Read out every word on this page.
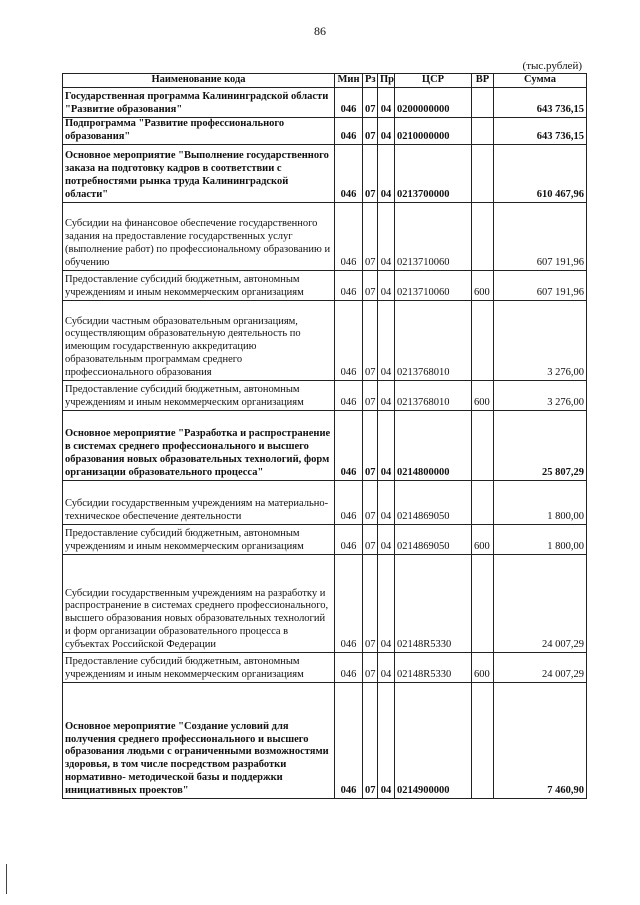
86
(тыс.рублей)
Наименование кода	Мин	Рз	Пр	ЦСР	ВР	Сумма
Государственная программа Калининградской области "Развитие образования"	046	07	04	0200000000		643 736,15
Подпрограмма "Развитие профессионального образования"	046	07	04	0210000000		643 736,15
Основное мероприятие "Выполнение государственного заказа на подготовку кадров в соответствии с потребностями рынка труда Калининградской области"	046	07	04	0213700000		610 467,96
Субсидии на финансовое обеспечение государственного задания на предоставление государственных услуг (выполнение работ) по профессиональному образованию и обучению	046	07	04	0213710060		607 191,96
Предоставление субсидий бюджетным, автономным учреждениям и иным некоммерческим организациям	046	07	04	0213710060	600	607 191,96
Субсидии частным образовательным организациям, осуществляющим образовательную деятельность по имеющим государственную аккредитацию образовательным программам среднего профессионального образования	046	07	04	0213768010		3 276,00
Предоставление субсидий бюджетным, автономным учреждениям и иным некоммерческим организациям	046	07	04	0213768010	600	3 276,00
Основное мероприятие "Разработка и распространение в системах среднего профессионального и высшего образования новых образовательных технологий, форм организации образовательного процесса"	046	07	04	0214800000		25 807,29
Субсидии государственным учреждениям на материально-техническое обеспечение деятельности	046	07	04	0214869050		1 800,00
Предоставление субсидий бюджетным, автономным учреждениям и иным некоммерческим организациям	046	07	04	0214869050	600	1 800,00
Субсидии государственным учреждениям на разработку и распространение в системах среднего профессионального, высшего образования новых образовательных технологий и форм организации образовательного процесса в субъектах Российской Федерации	046	07	04	02148R5330		24 007,29
Предоставление субсидий бюджетным, автономным учреждениям и иным некоммерческим организациям	046	07	04	02148R5330	600	24 007,29
Основное мероприятие "Создание условий для получения среднего профессионального и высшего образования людьми с ограниченными возможностями здоровья, в том числе посредством разработки нормативно- методической базы и поддержки инициативных проектов"	046	07	04	0214900000		7 460,90
